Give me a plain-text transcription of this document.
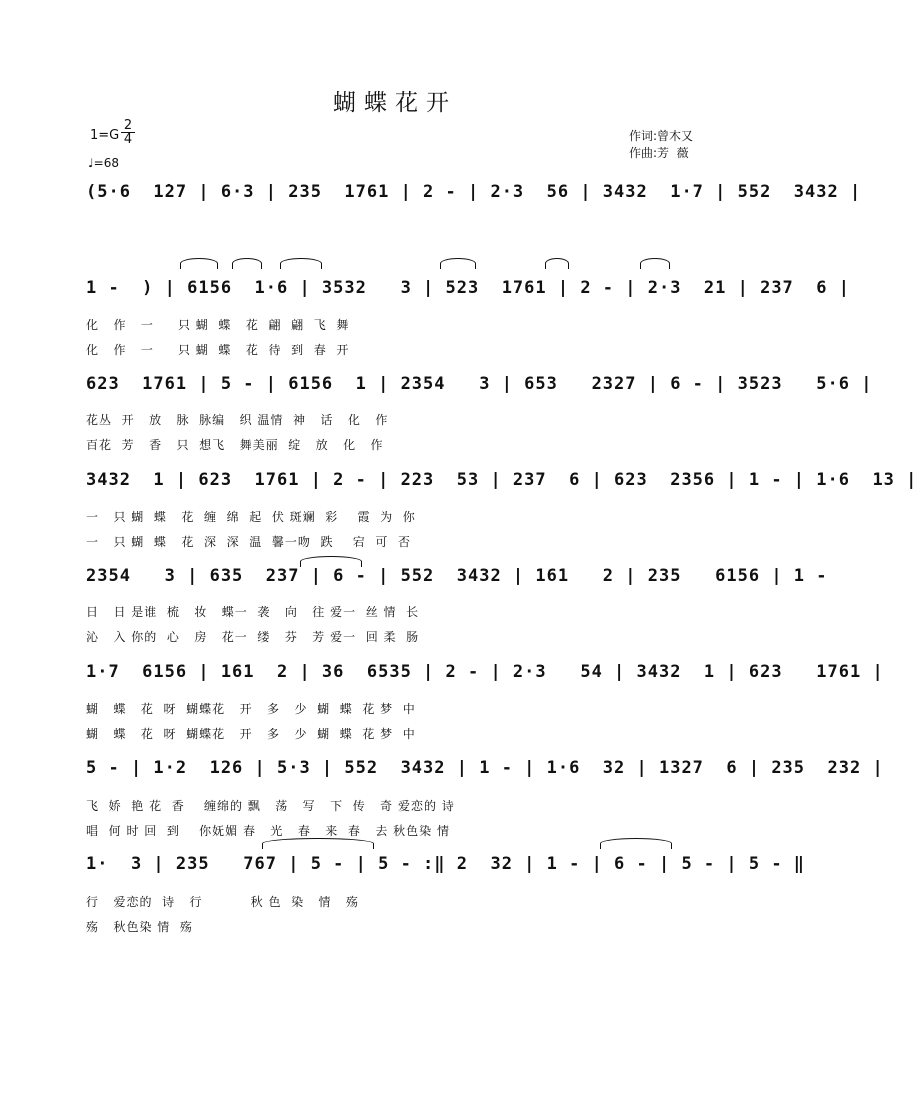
蝴蝶花开
1=G
2
4
♩=68
作词:曾木又
作曲:芳  薇
(5·6  1̇27 | 6·3 | 235  1761 | 2 - | 2·3  56 | 3432  1·7 | 552  3432 |
1 -  ) | 6156  1·6 | 3532   3 | 523  1761 | 2 - | 2·3  21 | 237  6 |
化   作   一     只 蝴  蝶   花  翩  翩  飞  舞
化   作   一     只 蝴  蝶   花  待  到  春  开
623  1761 | 5 - | 6156  1 | 2354   3 | 653   2327 | 6 - | 3523   5·6 |
花丛  开   放   脉  脉编   织 温情  神   话   化   作
百花  芳   香   只  想飞   舞美丽  绽   放   化   作
3432  1 | 623  1761 | 2 - | 223  53 | 237  6 | 623  2356 | 1 - | 1·6  13 |
一   只 蝴  蝶   花  缠  绵  起  伏 斑斓  彩    霞  为  你
一   只 蝴  蝶   花  深  深  温  馨一吻  跌    宕  可  否
2354   3 | 635  237 | 6 - | 552  3432 | 161   2 | 235   6156 | 1 -
日   日 是谁  梳   妆   蝶一  袭   向   往 爱一  丝 情  长
沁   入 你的  心   房   花一  缕   芬   芳 爱一  回 柔  肠
1·7  6156 | 161  2 | 36  6535 | 2 - | 2·3   54 | 3432  1 | 623   1761 |
蝴   蝶   花  呀  蝴蝶花   开   多   少  蝴  蝶  花 梦  中
蝴   蝶   花  呀  蝴蝶花   开   多   少  蝴  蝶  花 梦  中
5 - | 1·2  126 | 5·3 | 552  3432 | 1 - | 1·6  32 | 1327  6 | 235  232 |
飞  娇  艳 花  香    缠绵的 飘   荡   写   下  传   奇 爱恋的 诗
唱  何 时 回  到    你妩媚 春   光   春   来  春   去 秋色染 情
1·  3 | 235   767 | 5 - | 5 - :‖ 2  32 | 1 - | 6 - | 5 - | 5 - ‖
行   爱恋的  诗   行          秋 色  染   情   殇
殇   秋色染 情  殇
